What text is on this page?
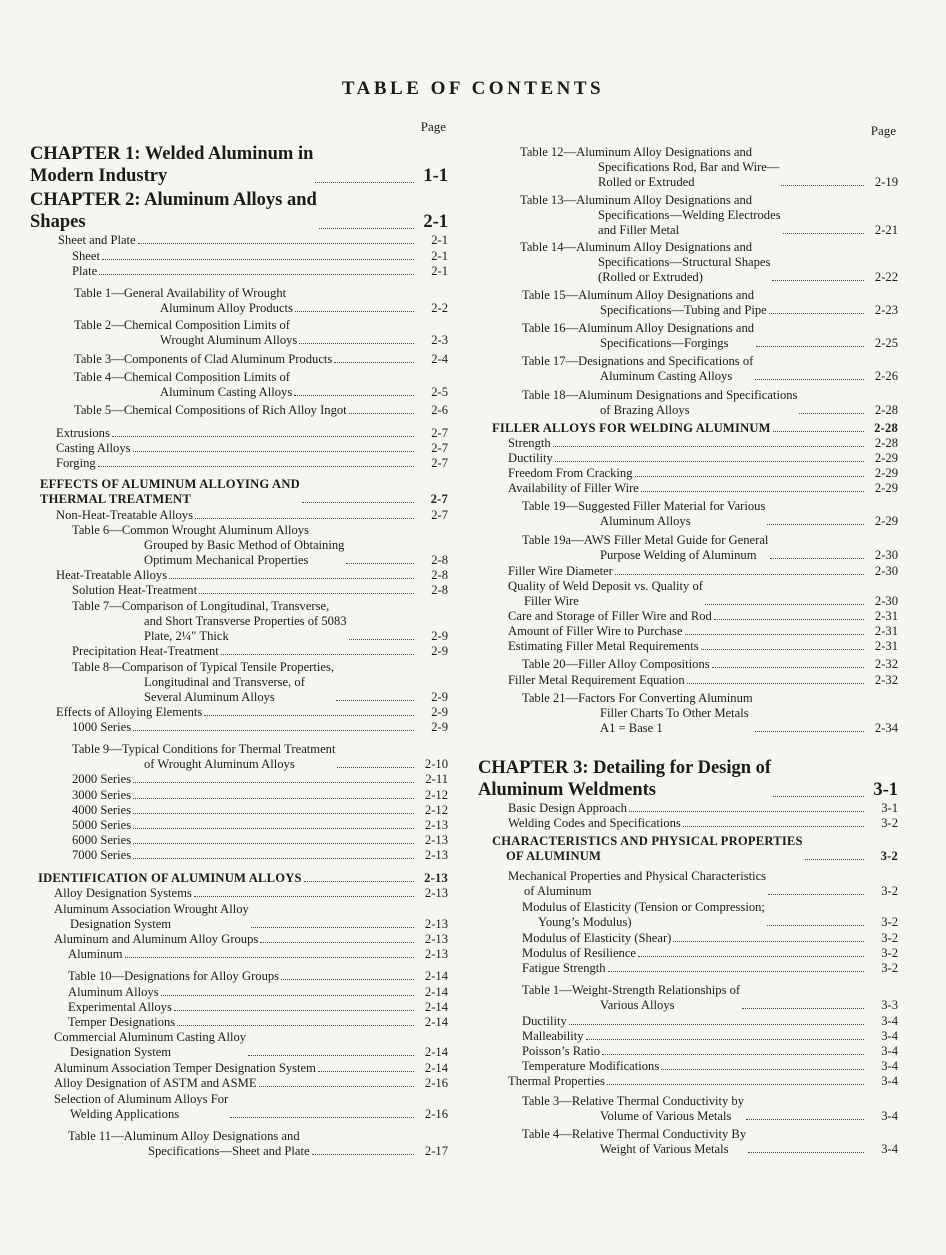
TABLE OF CONTENTS
Page
CHAPTER 1: Welded Aluminum in
Modern Industry	1-1
CHAPTER 2: Aluminum Alloys and
Shapes	2-1
Sheet and Plate	2-1
Sheet	2-1
Plate	2-1
Table 1—General Availability of Wrought
Aluminum Alloy Products	2-2
Table 2—Chemical Composition Limits of
Wrought Aluminum Alloys	2-3
Table 3—Components of Clad Aluminum Products	2-4
Table 4—Chemical Composition Limits of
Aluminum Casting Alloys	2-5
Table 5—Chemical Compositions of Rich Alloy Ingot	2-6
Extrusions	2-7
Casting Alloys	2-7
Forging	2-7
EFFECTS OF ALUMINUM ALLOYING AND
THERMAL TREATMENT	2-7
Non-Heat-Treatable Alloys	2-7
Table 6—Common Wrought Aluminum Alloys
Grouped by Basic Method of Obtaining
Optimum Mechanical Properties	2-8
Heat-Treatable Alloys	2-8
Solution Heat-Treatment	2-8
Table 7—Comparison of Longitudinal, Transverse,
and Short Transverse Properties of 5083
Plate, 2¼″ Thick	2-9
Precipitation Heat-Treatment	2-9
Table 8—Comparison of Typical Tensile Properties,
Longitudinal and Transverse, of
Several Aluminum Alloys	2-9
Effects of Alloying Elements	2-9
1000 Series	2-9
Table 9—Typical Conditions for Thermal Treatment
of Wrought Aluminum Alloys	2-10
2000 Series	2-11
3000 Series	2-12
4000 Series	2-12
5000 Series	2-13
6000 Series	2-13
7000 Series	2-13
IDENTIFICATION OF ALUMINUM ALLOYS	2-13
Alloy Designation Systems	2-13
Aluminum Association Wrought Alloy
Designation System	2-13
Aluminum and Aluminum Alloy Groups	2-13
Aluminum	2-13
Table 10—Designations for Alloy Groups	2-14
Aluminum Alloys	2-14
Experimental Alloys	2-14
Temper Designations	2-14
Commercial Aluminum Casting Alloy
Designation System	2-14
Aluminum Association Temper Designation System	2-14
Alloy Designation of ASTM and ASME	2-16
Selection of Aluminum Alloys For
Welding Applications	2-16
Table 11—Aluminum Alloy Designations and
Specifications—Sheet and Plate	2-17
Page
Table 12—Aluminum Alloy Designations and
Specifications Rod, Bar and Wire—
Rolled or Extruded	2-19
Table 13—Aluminum Alloy Designations and
Specifications—Welding Electrodes
and Filler Metal	2-21
Table 14—Aluminum Alloy Designations and
Specifications—Structural Shapes
(Rolled or Extruded)	2-22
Table 15—Aluminum Alloy Designations and
Specifications—Tubing and Pipe	2-23
Table 16—Aluminum Alloy Designations and
Specifications—Forgings	2-25
Table 17—Designations and Specifications of
Aluminum Casting Alloys	2-26
Table 18—Aluminum Designations and Specifications
of Brazing Alloys	2-28
FILLER ALLOYS FOR WELDING ALUMINUM	2-28
Strength	2-28
Ductility	2-29
Freedom From Cracking	2-29
Availability of Filler Wire	2-29
Table 19—Suggested Filler Material for Various
Aluminum Alloys	2-29
Table 19a—AWS Filler Metal Guide for General
Purpose Welding of Aluminum	2-30
Filler Wire Diameter	2-30
Quality of Weld Deposit vs. Quality of
Filler Wire	2-30
Care and Storage of Filler Wire and Rod	2-31
Amount of Filler Wire to Purchase	2-31
Estimating Filler Metal Requirements	2-31
Table 20—Filler Alloy Compositions	2-32
Filler Metal Requirement Equation	2-32
Table 21—Factors For Converting Aluminum
Filler Charts To Other Metals
A1 = Base 1	2-34
CHAPTER 3: Detailing for Design of
Aluminum Weldments	3-1
Basic Design Approach	3-1
Welding Codes and Specifications	3-2
CHARACTERISTICS AND PHYSICAL PROPERTIES
OF ALUMINUM	3-2
Mechanical Properties and Physical Characteristics
of Aluminum	3-2
Modulus of Elasticity (Tension or Compression;
Young’s Modulus)	3-2
Modulus of Elasticity (Shear)	3-2
Modulus of Resilience	3-2
Fatigue Strength	3-2
Table 1—Weight-Strength Relationships of
Various Alloys	3-3
Ductility	3-4
Malleability	3-4
Poisson’s Ratio	3-4
Temperature Modifications	3-4
Thermal Properties	3-4
Table 3—Relative Thermal Conductivity by
Volume of Various Metals	3-4
Table 4—Relative Thermal Conductivity By
Weight of Various Metals	3-4
